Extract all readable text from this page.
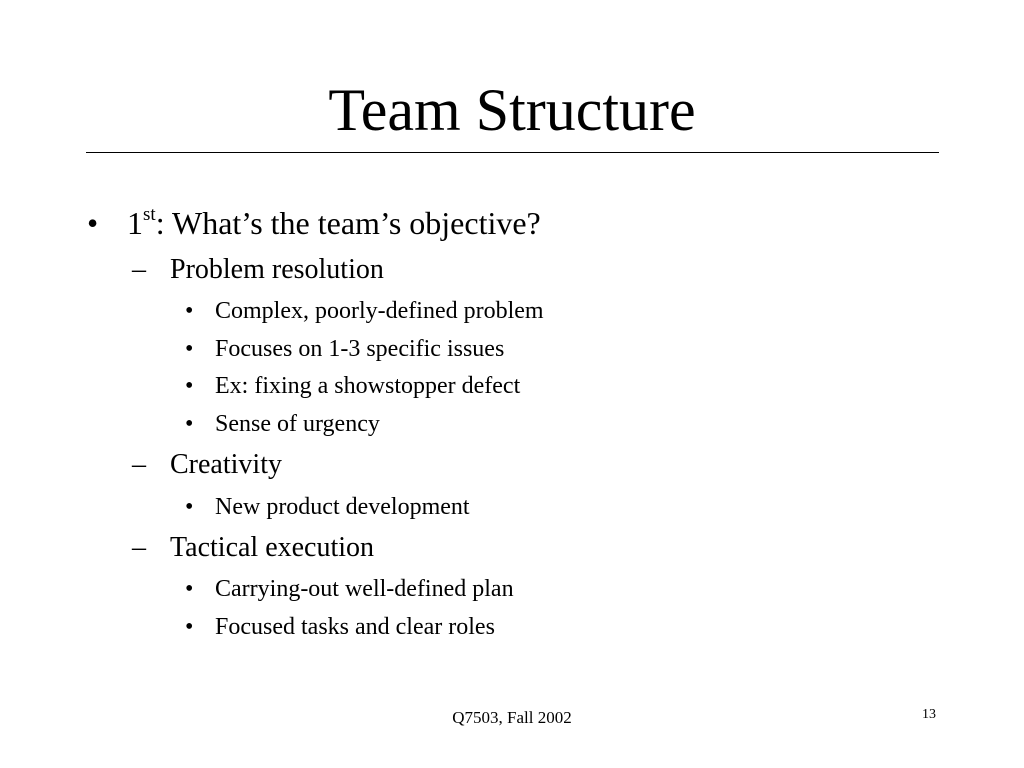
Team Structure
• 1st: What’s the team’s objective?
– Problem resolution
• Complex, poorly-defined problem
• Focuses on 1-3 specific issues
• Ex: fixing a showstopper defect
• Sense of urgency
– Creativity
• New product development
– Tactical execution
• Carrying-out well-defined plan
• Focused tasks and clear roles
Q7503, Fall 2002	13
